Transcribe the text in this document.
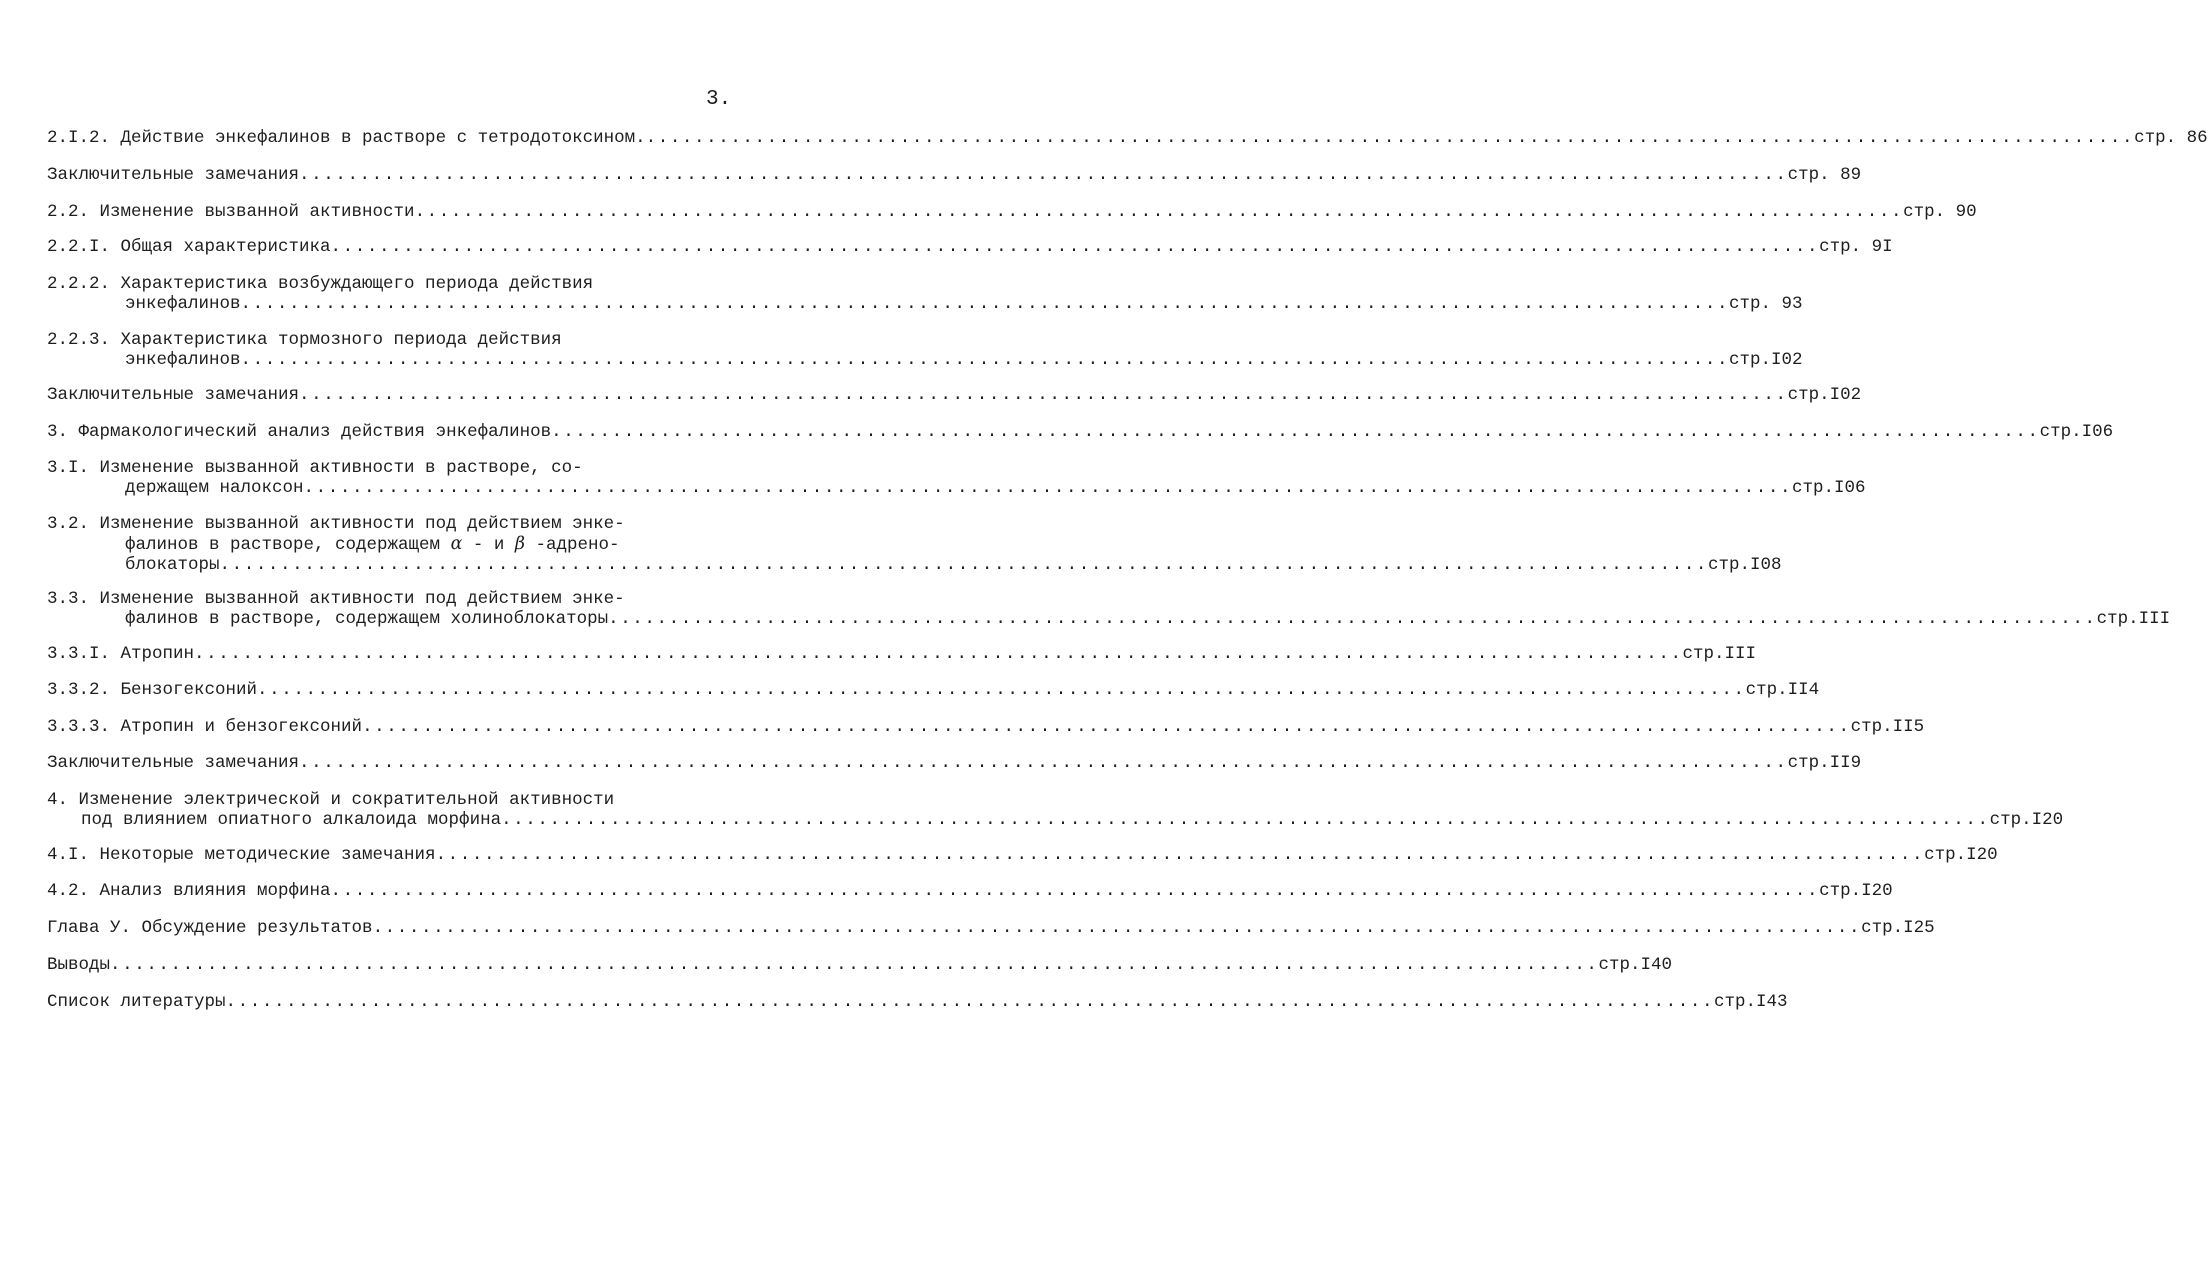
3.
2.I.2. Действие энкефалинов в растворе с тетродотоксином. ........................................................................................................................... стр. 86
Заключительные замечания ........................................................................................................................... стр. 89
2.2. Изменение вызванной активности ........................................................................................................................... стр. 90
2.2.I. Общая характеристика ........................................................................................................................... стр. 9I
2.2.2. Характеристика возбуждающего периода действия
энкефалинов ........................................................................................................................... стр. 93
2.2.3. Характеристика тормозного периода действия
энкефалинов ........................................................................................................................... стр.I02
Заключительные замечания ........................................................................................................................... стр.I02
3. Фармакологический анализ действия энкефалинов ........................................................................................................................... стр.I06
3.I. Изменение вызванной активности в растворе, со-
держащем налоксон ........................................................................................................................... стр.I06
3.2. Изменение вызванной активности под действием энке-
фалинов в растворе, содержащем α - и β -адрено-
блокаторы ........................................................................................................................... стр.I08
3.3. Изменение вызванной активности под действием энке-
фалинов в растворе, содержащем холиноблокаторы ........................................................................................................................... стр.III
3.3.I. Атропин ........................................................................................................................... стр.III
3.3.2. Бензогексоний ........................................................................................................................... стр.II4
3.3.3. Атропин и бензогексоний ........................................................................................................................... стр.II5
Заключительные замечания ........................................................................................................................... стр.II9
4. Изменение электрической и сократительной активности
под влиянием опиатного алкалоида морфина ........................................................................................................................... стр.I20
4.I. Некоторые методические замечания ........................................................................................................................... стр.I20
4.2. Анализ влияния морфина ........................................................................................................................... стр.I20
Глава У. Обсуждение результатов ........................................................................................................................... стр.I25
Выводы ........................................................................................................................... стр.I40
Список литературы ........................................................................................................................... стр.I43
